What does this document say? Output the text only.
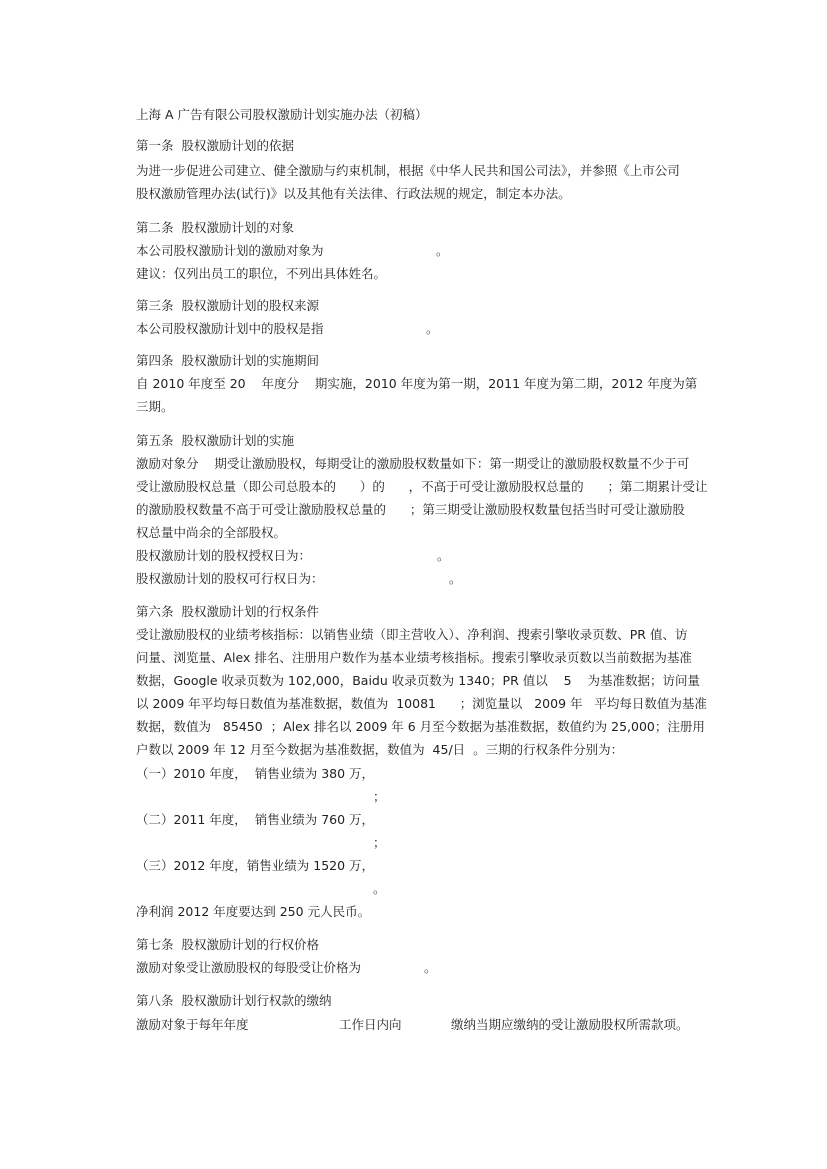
上海 A 广告有限公司股权激励计划实施办法（初稿）
第一条  股权激励计划的依据
为进一步促进公司建立、健全激励与约束机制，根据《中华人民共和国公司法》，并参照《上市公司
股权激励管理办法(试行)》以及其他有关法律、行政法规的规定，制定本办法。
第二条  股权激励计划的对象
本公司股权激励计划的激励对象为	。
建议：仅列出员工的职位，不列出具体姓名。
第三条  股权激励计划的股权来源
本公司股权激励计划中的股权是指	。
第四条  股权激励计划的实施期间
自 2010 年度至 20    年度分    期实施，2010 年度为第一期，2011 年度为第二期，2012 年度为第
三期。
第五条  股权激励计划的实施
激励对象分    期受让激励股权，每期受让的激励股权数量如下：第一期受让的激励股权数量不少于可
受让激励股权总量（即公司总股本的      ）的      ，不高于可受让激励股权总量的      ；第二期累计受让
的激励股权数量不高于可受让激励股权总量的      ；第三期受让激励股权数量包括当时可受让激励股
权总量中尚余的全部股权。
股权激励计划的股权授权日为：	。
股权激励计划的股权可行权日为：	。
第六条  股权激励计划的行权条件
受让激励股权的业绩考核指标：以销售业绩（即主营收入）、净利润、搜索引擎收录页数、PR 值、访
问量、浏览量、Alex 排名、注册用户数作为基本业绩考核指标。搜索引擎收录页数以当前数据为基准
数据，Google 收录页数为 102,000，Baidu 收录页数为 1340；PR 值以    5    为基准数据；访问量
以 2009 年平均每日数值为基准数据，数值为  10081      ；浏览量以   2009 年   平均每日数值为基准
数据，数值为   85450  ；Alex 排名以 2009 年 6 月至今数据为基准数据，数值约为 25,000；注册用
户数以 2009 年 12 月至今数据为基准数据，数值为  45/日  。三期的行权条件分别为：
（一）2010 年度，  销售业绩为 380 万，
；
（二）2011 年度，  销售业绩为 760 万，
；
（三）2012 年度，销售业绩为 1520 万，
。
净利润 2012 年度要达到 250 元人民币。
第七条  股权激励计划的行权价格
激励对象受让激励股权的每股受让价格为	。
第八条  股权激励计划行权款的缴纳
激励对象于每年年度	工作日内向	缴纳当期应缴纳的受让激励股权所需款项。
